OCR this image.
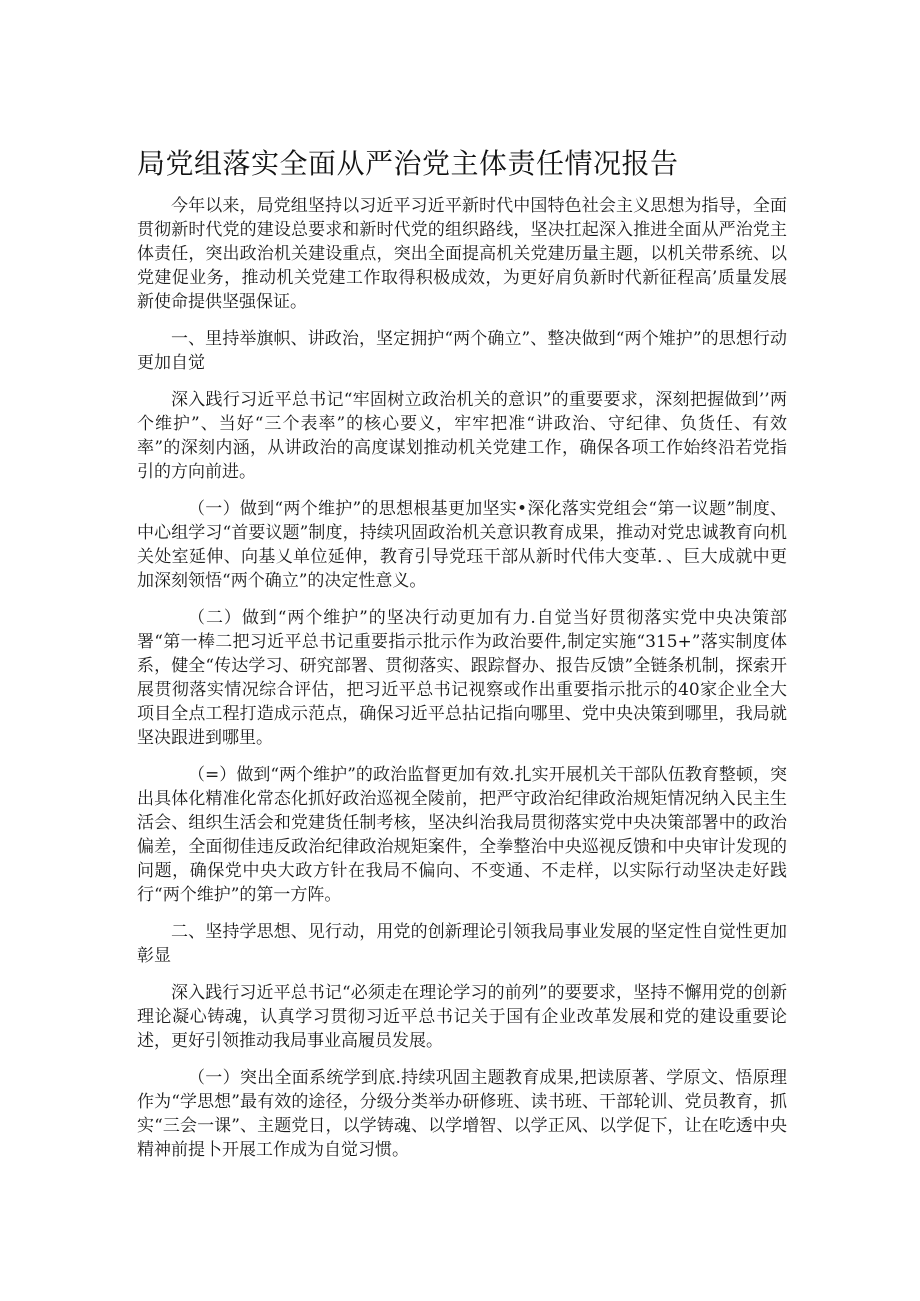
局党组落实全面从严治党主体责任情况报告

今年以来，局党组坚持以习近平习近平新时代中国特色社会主义思想为指导，全面贯彻新时代党的建设总要求和新时代党的组织路线，坚决扛起深入推进全面从严治党主体责任，突出政治机关建设重点，突出全面提高机关党建历量主题，以机关带系统、以党建促业务，推动机关党建工作取得积极成效，为更好肩负新时代新征程高’质量发展新使命提供坚强保证。

一、里持举旗帜、讲政治，坚定拥护“两个确立”、整决做到“两个雉护”的思想行动更加自觉

深入践行习近平总书记“牢固树立政治机关的意识”的重要要求，深刻把握做到’’两个维护”、当好“三个表率”的核心要义，牢牢把准“讲政治、守纪律、负货任、有效率”的深刻内涵，从讲政治的高度谋划推动机关党建工作，确保各项工作始终沿若党指引的方向前进。

（一）做到“两个维护”的思想根基更加坚实•深化落实党组会“第一议题”制度、中心组学习“首要议题”制度，持续巩固政治机关意识教育成果，推动对党忠诚教育向机关处室延伸、向基乂单位延伸，教育引导党珏干部从新时代伟大变革．、巨大成就中更加深刻领悟“两个确立”的决定性意义。

（二）做到“两个维护”的坚决行动更加有力.自觉当好贯彻落实党中央决策部署“第一棒二把习近平总书记重要指示批示作为政治要件,制定实施“315+”落实制度体系，健全“传达学习、研究部署、贯彻落实、跟踪督办、报告反馈”全链条机制，探索开展贯彻落实情况综合评估，把习近平总书记视察或作出重要指示批示的40家企业全大项目全点工程打造成示范点，确保习近平总拈记指向哪里、党中央决策到哪里，我局就坚决跟进到哪里。

（=）做到“两个维护”的政治监督更加有效.扎实开展机关干部队伍教育整顿，突出具体化精准化常态化抓好政治巡视全陵前，把严守政治纪律政治规矩情况纳入民主生活会、组织生活会和党建货任制考核，坚决纠治我局贯彻落实党中央决策部署中的政治偏差，全面彻佳违反政治纪律政治规矩案件，全拳整治中央巡视反馈和中央审计发现的问题，确保党中央大政方针在我局不偏向、不变通、不走样，以实际行动坚决走好践行“两个维护”的第一方阵。

二、坚持学思想、见行动，用党的创新理论引领我局事业发展的坚定性自觉性更加彰显

深入践行习近平总书记“必须走在理论学习的前列”的要要求，坚持不懈用党的创新理论凝心铸魂，认真学习贯彻习近平总书记关于国有企业改革发展和党的建设重要论述，更好引领推动我局事业高履员发展。

（一）突出全面系统学到底.持续巩固主题教育成果,把读原著、学原文、悟原理作为“学思想”最有效的途径，分级分类举办研修班、读书班、干部轮训、党员教育，抓实“三会一课”、主题党日，以学铸魂、以学增智、以学正风、以学促下，让在吃透中央精神前提卜开展工作成为自觉习惯。
